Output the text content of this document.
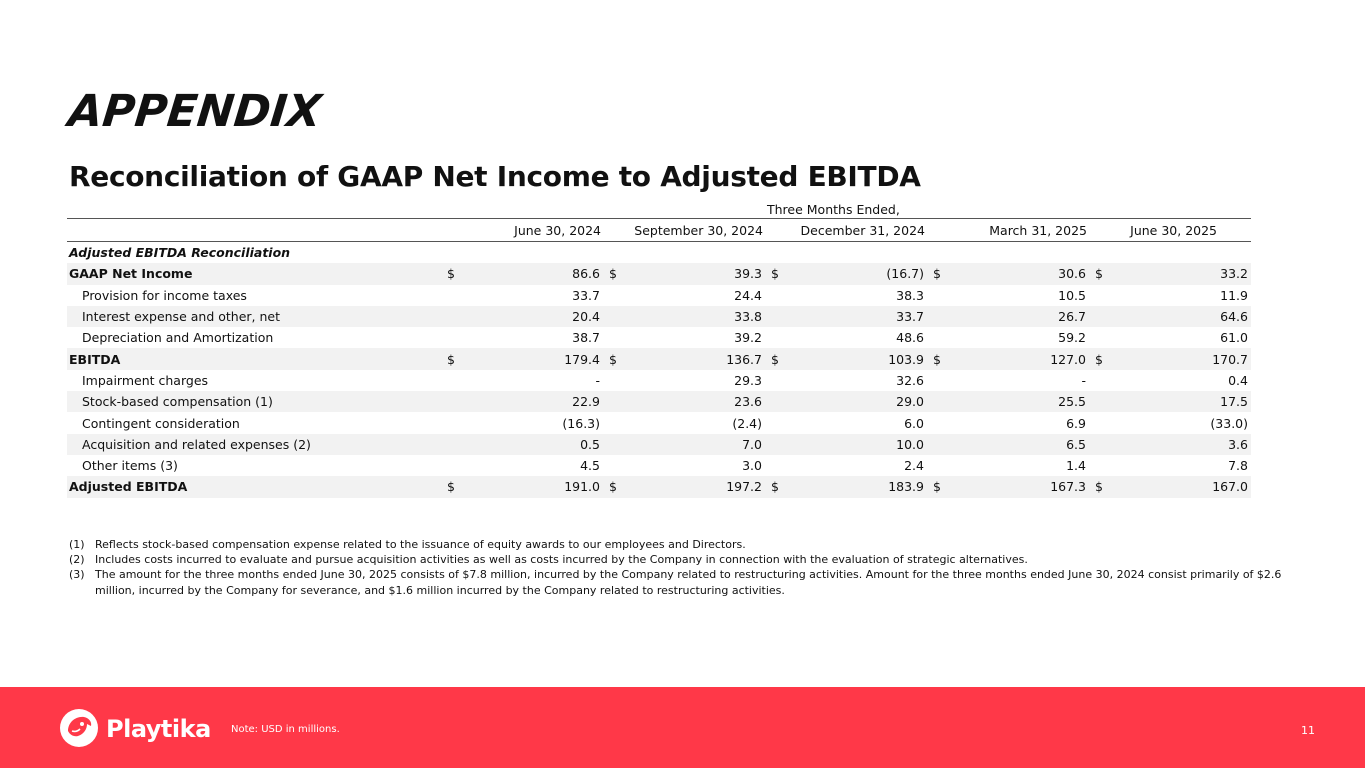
APPENDIX
Reconciliation of GAAP Net Income to Adjusted EBITDA
Three Months Ended,
June 30, 2024	September 30, 2024	December 31, 2024	March 31, 2025	June 30, 2025
Adjusted EBITDA Reconciliation
GAAP Net Income	$	86.6 $	39.3 $	(16.7) $	30.6 $	33.2
Provision for income taxes	33.7	24.4	38.3	10.5	11.9
Interest expense and other, net	20.4	33.8	33.7	26.7	64.6
Depreciation and Amortization	38.7	39.2	48.6	59.2	61.0
EBITDA	$	179.4 $	136.7 $	103.9 $	127.0 $	170.7
Impairment charges	-	29.3	32.6	-	0.4
Stock-based compensation (1)	22.9	23.6	29.0	25.5	17.5
Contingent consideration	(16.3)	(2.4)	6.0	6.9	(33.0)
Acquisition and related expenses (2)	0.5	7.0	10.0	6.5	3.6
Other items (3)	4.5	3.0	2.4	1.4	7.8
Adjusted EBITDA	$	191.0 $	197.2 $	183.9 $	167.3 $	167.0
(1) Reflects stock-based compensation expense related to the issuance of equity awards to our employees and Directors.
(2) Includes costs incurred to evaluate and pursue acquisition activities as well as costs incurred by the Company in connection with the evaluation of strategic alternatives.
(3) The amount for the three months ended June 30, 2025 consists of $7.8 million, incurred by the Company related to restructuring activities. Amount for the three months ended June 30, 2024 consist primarily of $2.6 million, incurred by the Company for severance, and $1.6 million incurred by the Company related to restructuring activities.
Playtika Note: USD in millions.	11
